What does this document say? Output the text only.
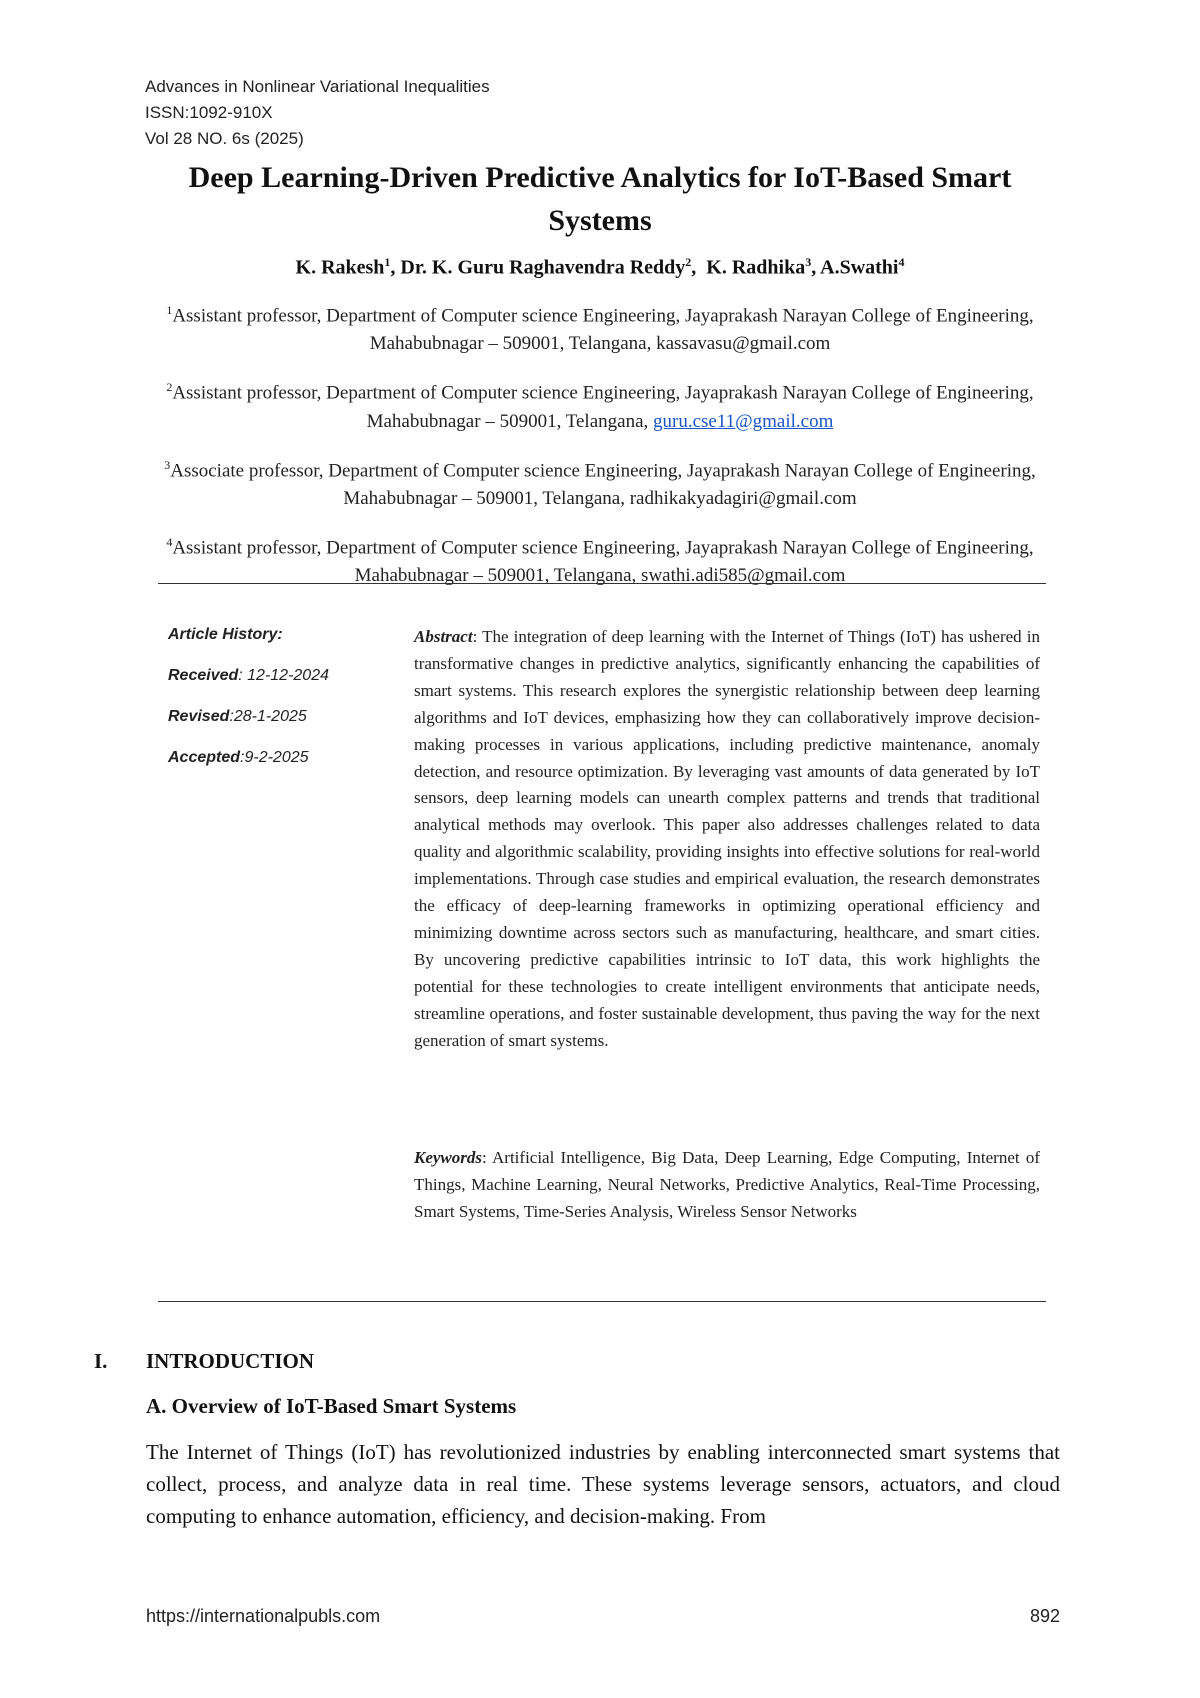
Advances in Nonlinear Variational Inequalities
ISSN:1092-910X
Vol 28 NO. 6s (2025)
Deep Learning-Driven Predictive Analytics for IoT-Based Smart Systems
K. Rakesh$^1$, Dr. K. Guru Raghavendra Reddy$^2$,  K. Radhika$^3$, A.Swathi$^4$
$^1$Assistant professor, Department of Computer science Engineering, Jayaprakash Narayan College of Engineering, Mahabubnagar – 509001, Telangana, kassavasu@gmail.com
$^2$Assistant professor, Department of Computer science Engineering, Jayaprakash Narayan College of Engineering, Mahabubnagar – 509001, Telangana, guru.cse11@gmail.com
$^3$Associate professor, Department of Computer science Engineering, Jayaprakash Narayan College of Engineering, Mahabubnagar – 509001, Telangana, radhikakyadagiri@gmail.com
$^4$Assistant professor, Department of Computer science Engineering, Jayaprakash Narayan College of Engineering, Mahabubnagar – 509001, Telangana, swathi.adi585@gmail.com
Article History:
Received: 12-12-2024
Revised:28-1-2025
Accepted:9-2-2025
Abstract: The integration of deep learning with the Internet of Things (IoT) has ushered in transformative changes in predictive analytics, significantly enhancing the capabilities of smart systems. This research explores the synergistic relationship between deep learning algorithms and IoT devices, emphasizing how they can collaboratively improve decision-making processes in various applications, including predictive maintenance, anomaly detection, and resource optimization. By leveraging vast amounts of data generated by IoT sensors, deep learning models can unearth complex patterns and trends that traditional analytical methods may overlook. This paper also addresses challenges related to data quality and algorithmic scalability, providing insights into effective solutions for real-world implementations. Through case studies and empirical evaluation, the research demonstrates the efficacy of deep-learning frameworks in optimizing operational efficiency and minimizing downtime across sectors such as manufacturing, healthcare, and smart cities. By uncovering predictive capabilities intrinsic to IoT data, this work highlights the potential for these technologies to create intelligent environments that anticipate needs, streamline operations, and foster sustainable development, thus paving the way for the next generation of smart systems.
Keywords: Artificial Intelligence, Big Data, Deep Learning, Edge Computing, Internet of Things, Machine Learning, Neural Networks, Predictive Analytics, Real-Time Processing, Smart Systems, Time-Series Analysis, Wireless Sensor Networks
I. INTRODUCTION
A. Overview of IoT-Based Smart Systems
The Internet of Things (IoT) has revolutionized industries by enabling interconnected smart systems that collect, process, and analyze data in real time. These systems leverage sensors, actuators, and cloud computing to enhance automation, efficiency, and decision-making. From
https://internationalpubls.com	892
